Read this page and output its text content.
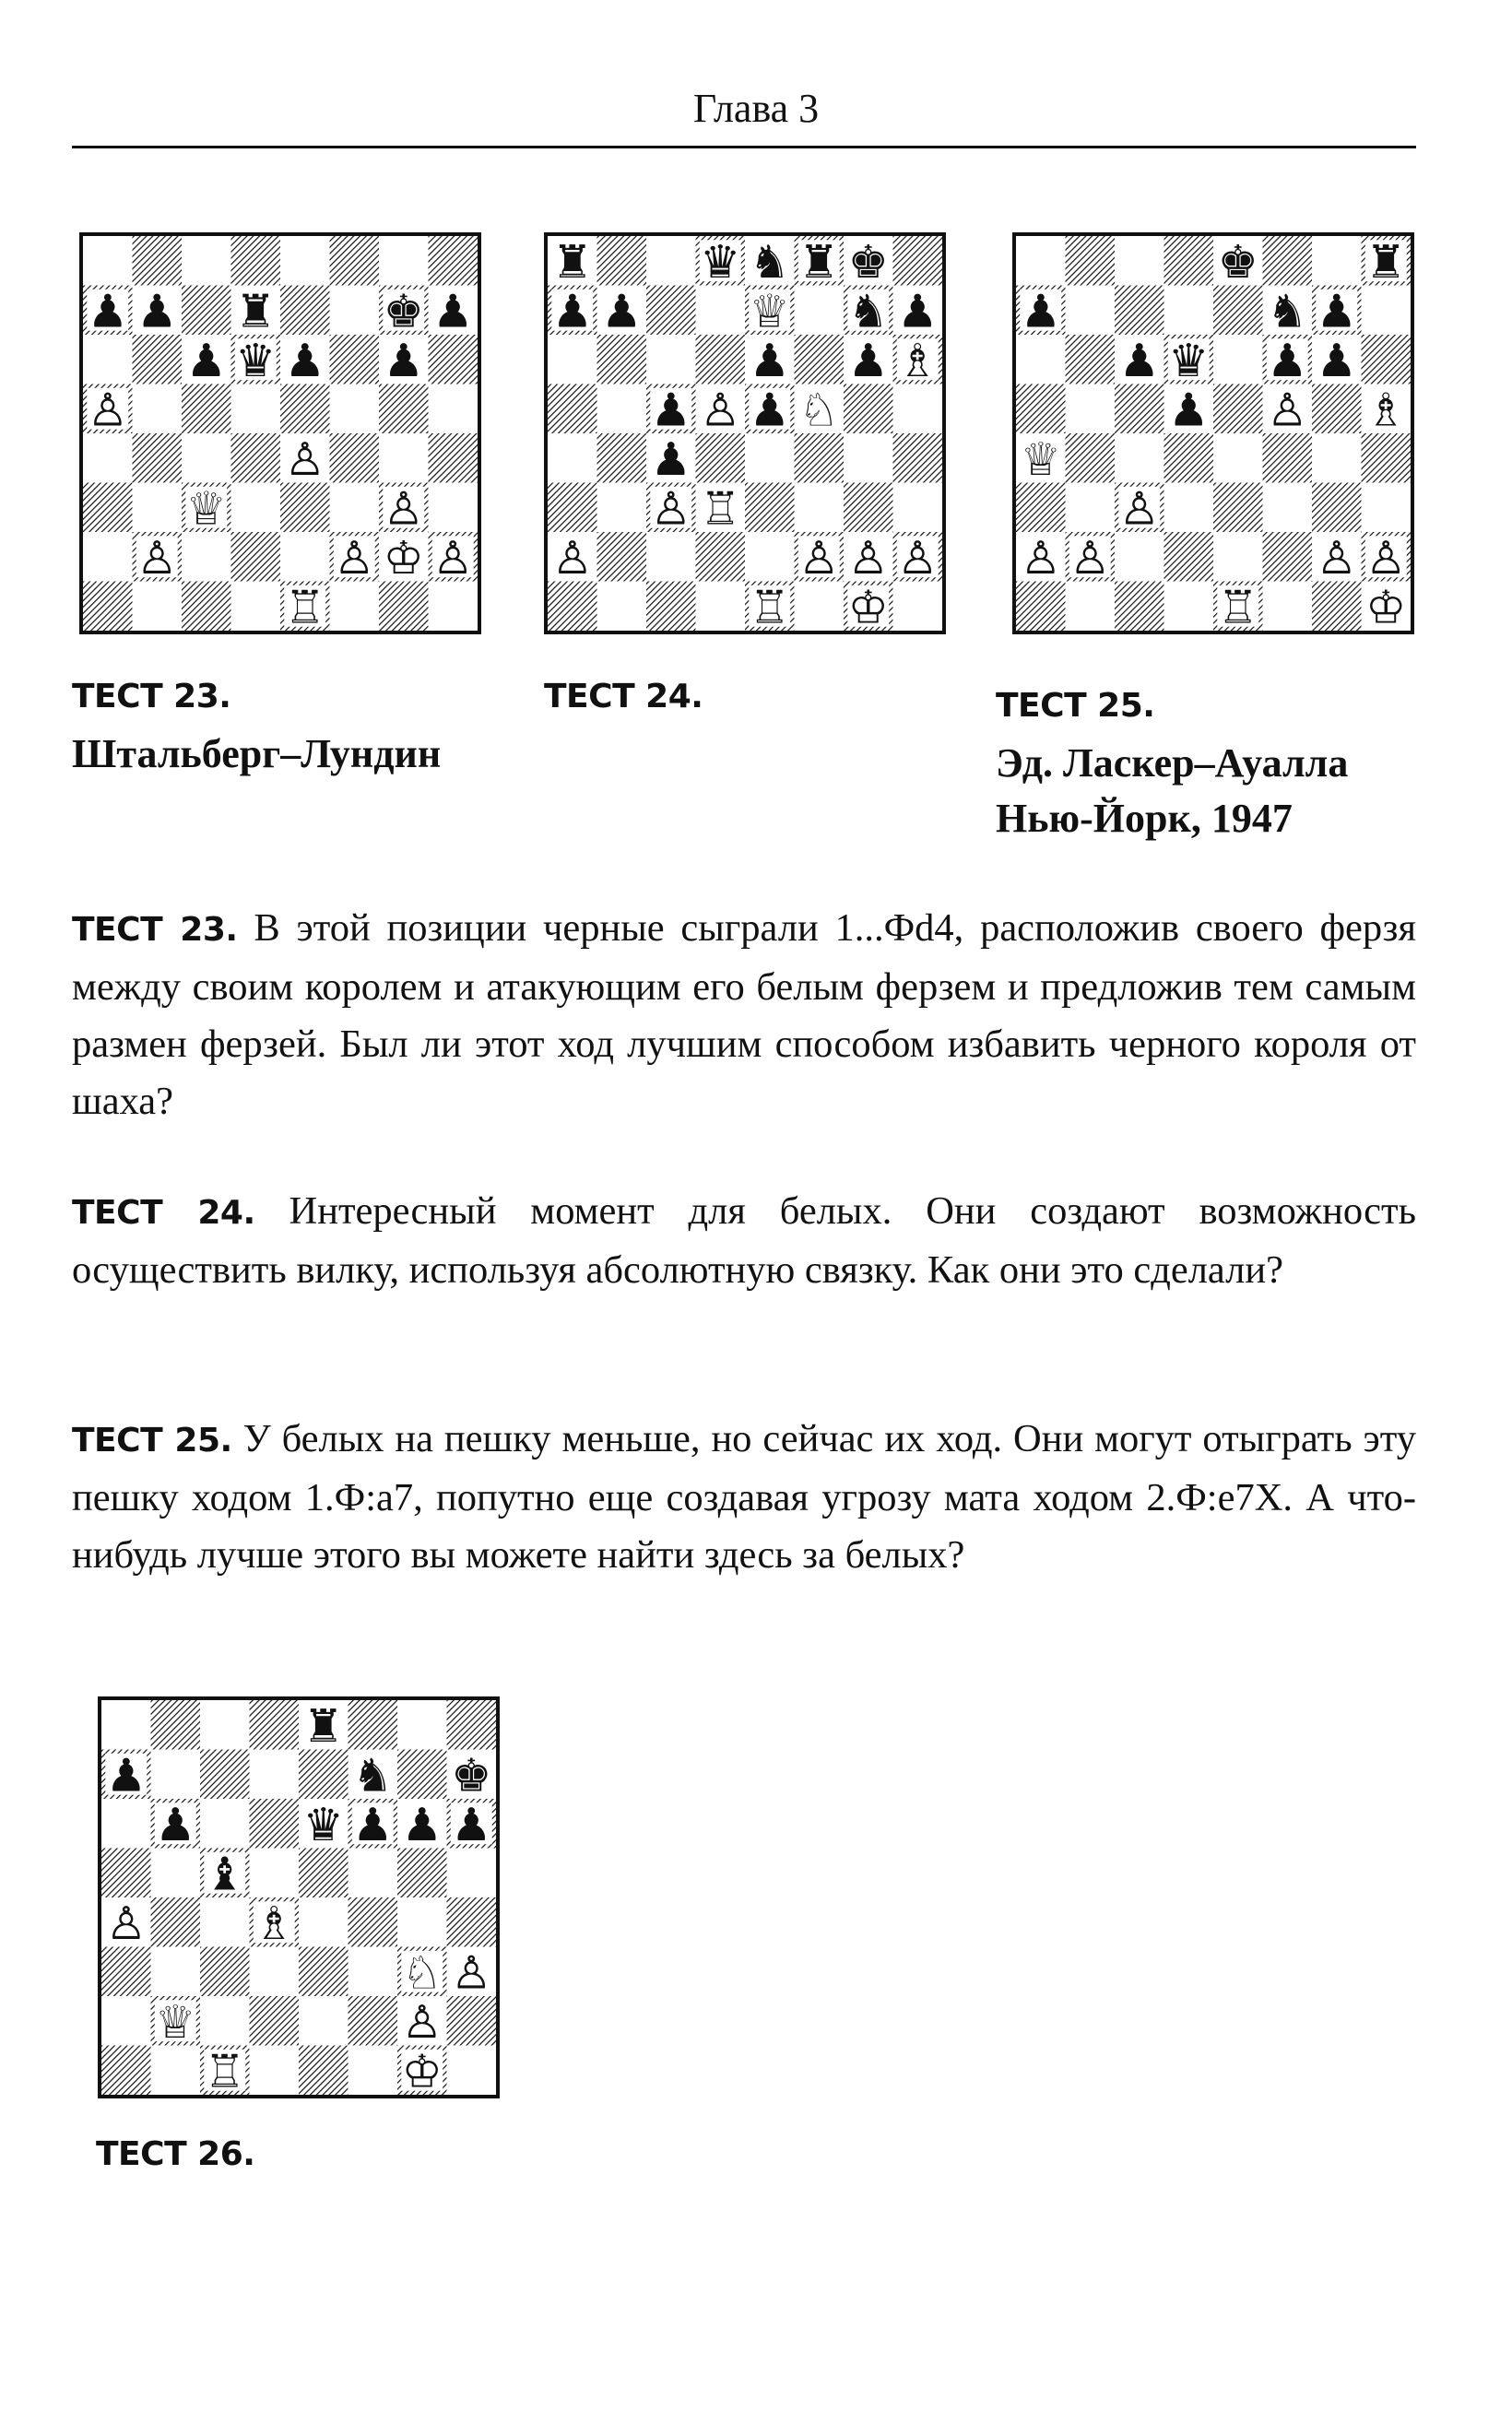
Глава 3
ТЕСТ 23.
Штальберг–Лундин
ТЕСТ 24.	ТЕСТ 25.
Эд. Ласкер–Ауалла
Нью-Йорк, 1947
ТЕСТ 23. В этой позиции черные сыграли 1...Фd4, расположив своего ферзя между своим королем и атакующим его белым ферзем и предложив тем самым размен ферзей. Был ли этот ход лучшим способом избавить черного короля от шаха?
ТЕСТ 24. Интересный момент для белых. Они создают возможность осуществить вилку, используя абсолютную связку. Как они это сделали?
ТЕСТ 25. У белых на пешку меньше, но сейчас их ход. Они могут отыграть эту пешку ходом 1.Ф:a7, попутно еще создавая угрозу мата ходом 2.Ф:e7Х. А что-нибудь лучше этого вы можете найти здесь за белых?
ТЕСТ 26.
